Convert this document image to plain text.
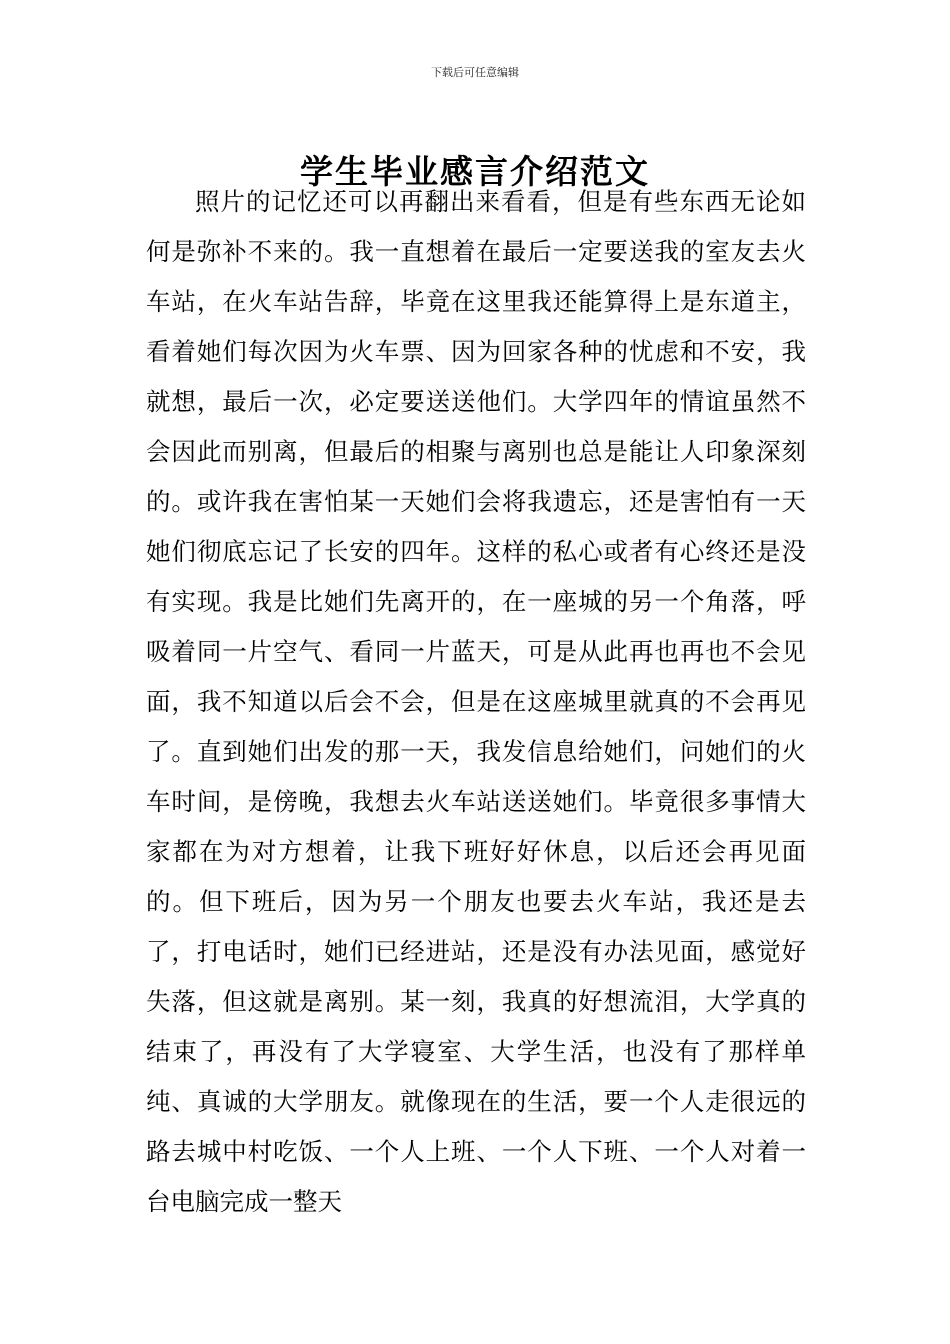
下载后可任意编辑
学生毕业感言介绍范文

照片的记忆还可以再翻出来看看，但是有些东西无论如何是弥补不来的。我一直想着在最后一定要送我的室友去火车站，在火车站告辞，毕竟在这里我还能算得上是东道主，看着她们每次因为火车票、因为回家各种的忧虑和不安，我就想，最后一次，必定要送送他们。大学四年的情谊虽然不会因此而别离，但最后的相聚与离别也总是能让人印象深刻的。或许我在害怕某一天她们会将我遗忘，还是害怕有一天她们彻底忘记了长安的四年。这样的私心或者有心终还是没有实现。我是比她们先离开的，在一座城的另一个角落，呼吸着同一片空气、看同一片蓝天，可是从此再也再也不会见面，我不知道以后会不会，但是在这座城里就真的不会再见了。直到她们出发的那一天，我发信息给她们，问她们的火车时间，是傍晚，我想去火车站送送她们。毕竟很多事情大家都在为对方想着，让我下班好好休息，以后还会再见面的。但下班后，因为另一个朋友也要去火车站，我还是去了，打电话时，她们已经进站，还是没有办法见面，感觉好失落，但这就是离别。某一刻，我真的好想流泪，大学真的结束了，再没有了大学寝室、大学生活，也没有了那样单纯、真诚的大学朋友。就像现在的生活，要一个人走很远的路去城中村吃饭、一个人上班、一个人下班、一个人对着一台电脑完成一整天
